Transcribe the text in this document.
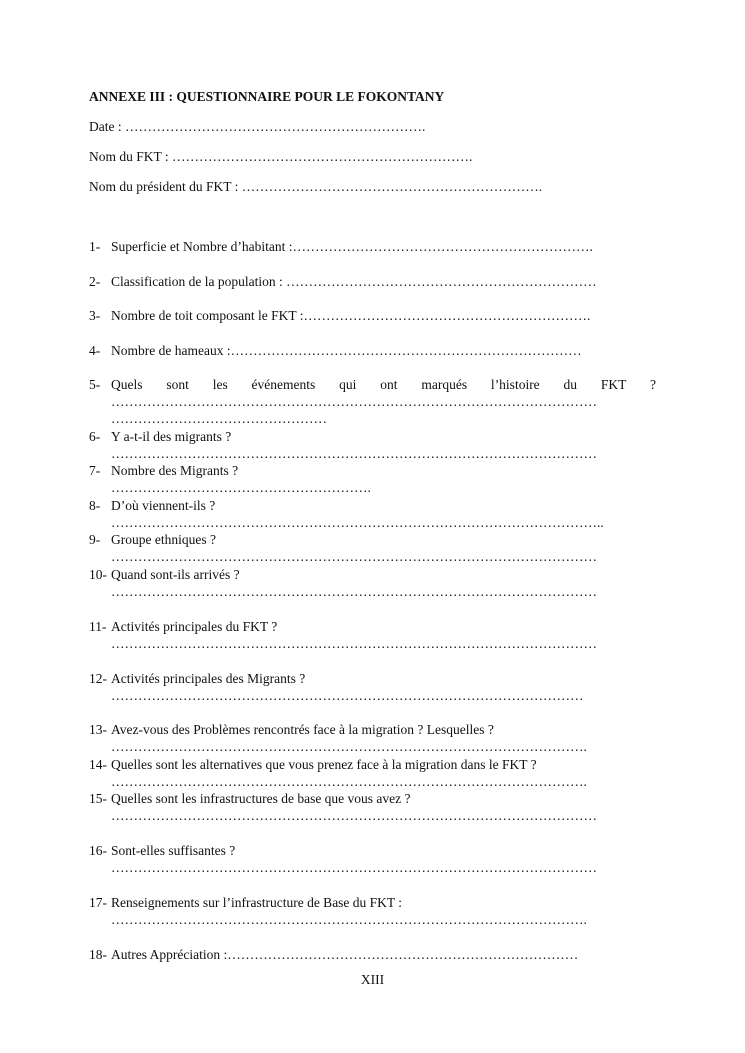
ANNEXE III : QUESTIONNAIRE POUR LE FOKONTANY
Date : ………………………………………………………….
Nom du FKT : ………………………………………………………….
Nom du président du FKT : ………………………………………………………….
1- Superficie et Nombre d’habitant :………………………………………………………….
2- Classification de la population : ……………………………………………………………
3- Nombre de toit composant le FKT :……………………………………………………….
4- Nombre de hameaux :……………………………………………………………………
5- Quels sont les événements qui ont marqués l’histoire du FKT ?
………………………………………………………………………………………………
…………………………………………
6- Y a-t-il des migrants ?
………………………………………………………………………………………………
7- Nombre des Migrants ?
………………………………………………….
8- D’où viennent-ils ?
………………………………………………………………………………………………..
9- Groupe ethniques ?
………………………………………………………………………………………………
10- Quand sont-ils arrivés ?
………………………………………………………………………………………………
11- Activités principales du FKT ?
………………………………………………………………………………………………
12- Activités principales des Migrants ?
……………………………………………………………………………………………
13- Avez-vous des Problèmes rencontrés face à la migration ? Lesquelles ?
…………………………………………………………………………………………….
14- Quelles sont les alternatives que vous prenez face à la migration dans le FKT ?
…………………………………………………………………………………………….
15- Quelles sont les infrastructures de base que vous avez ?
………………………………………………………………………………………………
16- Sont-elles suffisantes ?
………………………………………………………………………………………………
17- Renseignements sur l’infrastructure de Base du FKT :
…………………………………………………………………………………………….
18- Autres Appréciation :……………………………………………………………………
XIII
